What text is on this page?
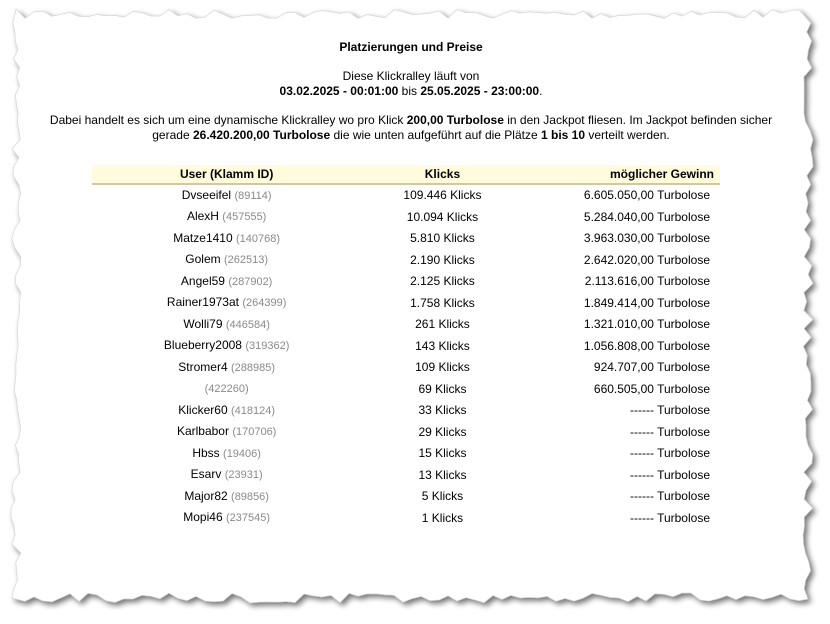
Platzierungen und Preise
Diese Klickralley läuft von
03.02.2025 - 00:01:00 bis 25.05.2025 - 23:00:00.
Dabei handelt es sich um eine dynamische Klickralley wo pro Klick 200,00 Turbolose in den Jackpot fliesen. Im Jackpot befinden sicher gerade 26.420.200,00 Turbolose die wie unten aufgeführt auf die Plätze 1 bis 10 verteilt werden.
User (Klamm ID)	Klicks	möglicher Gewinn
Dvseeifel (89114)	109.446 Klicks	6.605.050,00 Turbolose
AlexH (457555)	10.094 Klicks	5.284.040,00 Turbolose
Matze1410 (140768)	5.810 Klicks	3.963.030,00 Turbolose
Golem (262513)	2.190 Klicks	2.642.020,00 Turbolose
Angel59 (287902)	2.125 Klicks	2.113.616,00 Turbolose
Rainer1973at (264399)	1.758 Klicks	1.849.414,00 Turbolose
Wolli79 (446584)	261 Klicks	1.321.010,00 Turbolose
Blueberry2008 (319362)	143 Klicks	1.056.808,00 Turbolose
Stromer4 (288985)	109 Klicks	924.707,00 Turbolose
(422260)	69 Klicks	660.505,00 Turbolose
Klicker60 (418124)	33 Klicks	------ Turbolose
Karlbabor (170706)	29 Klicks	------ Turbolose
Hbss (19406)	15 Klicks	------ Turbolose
Esarv (23931)	13 Klicks	------ Turbolose
Major82 (89856)	5 Klicks	------ Turbolose
Mopi46 (237545)	1 Klicks	------ Turbolose
